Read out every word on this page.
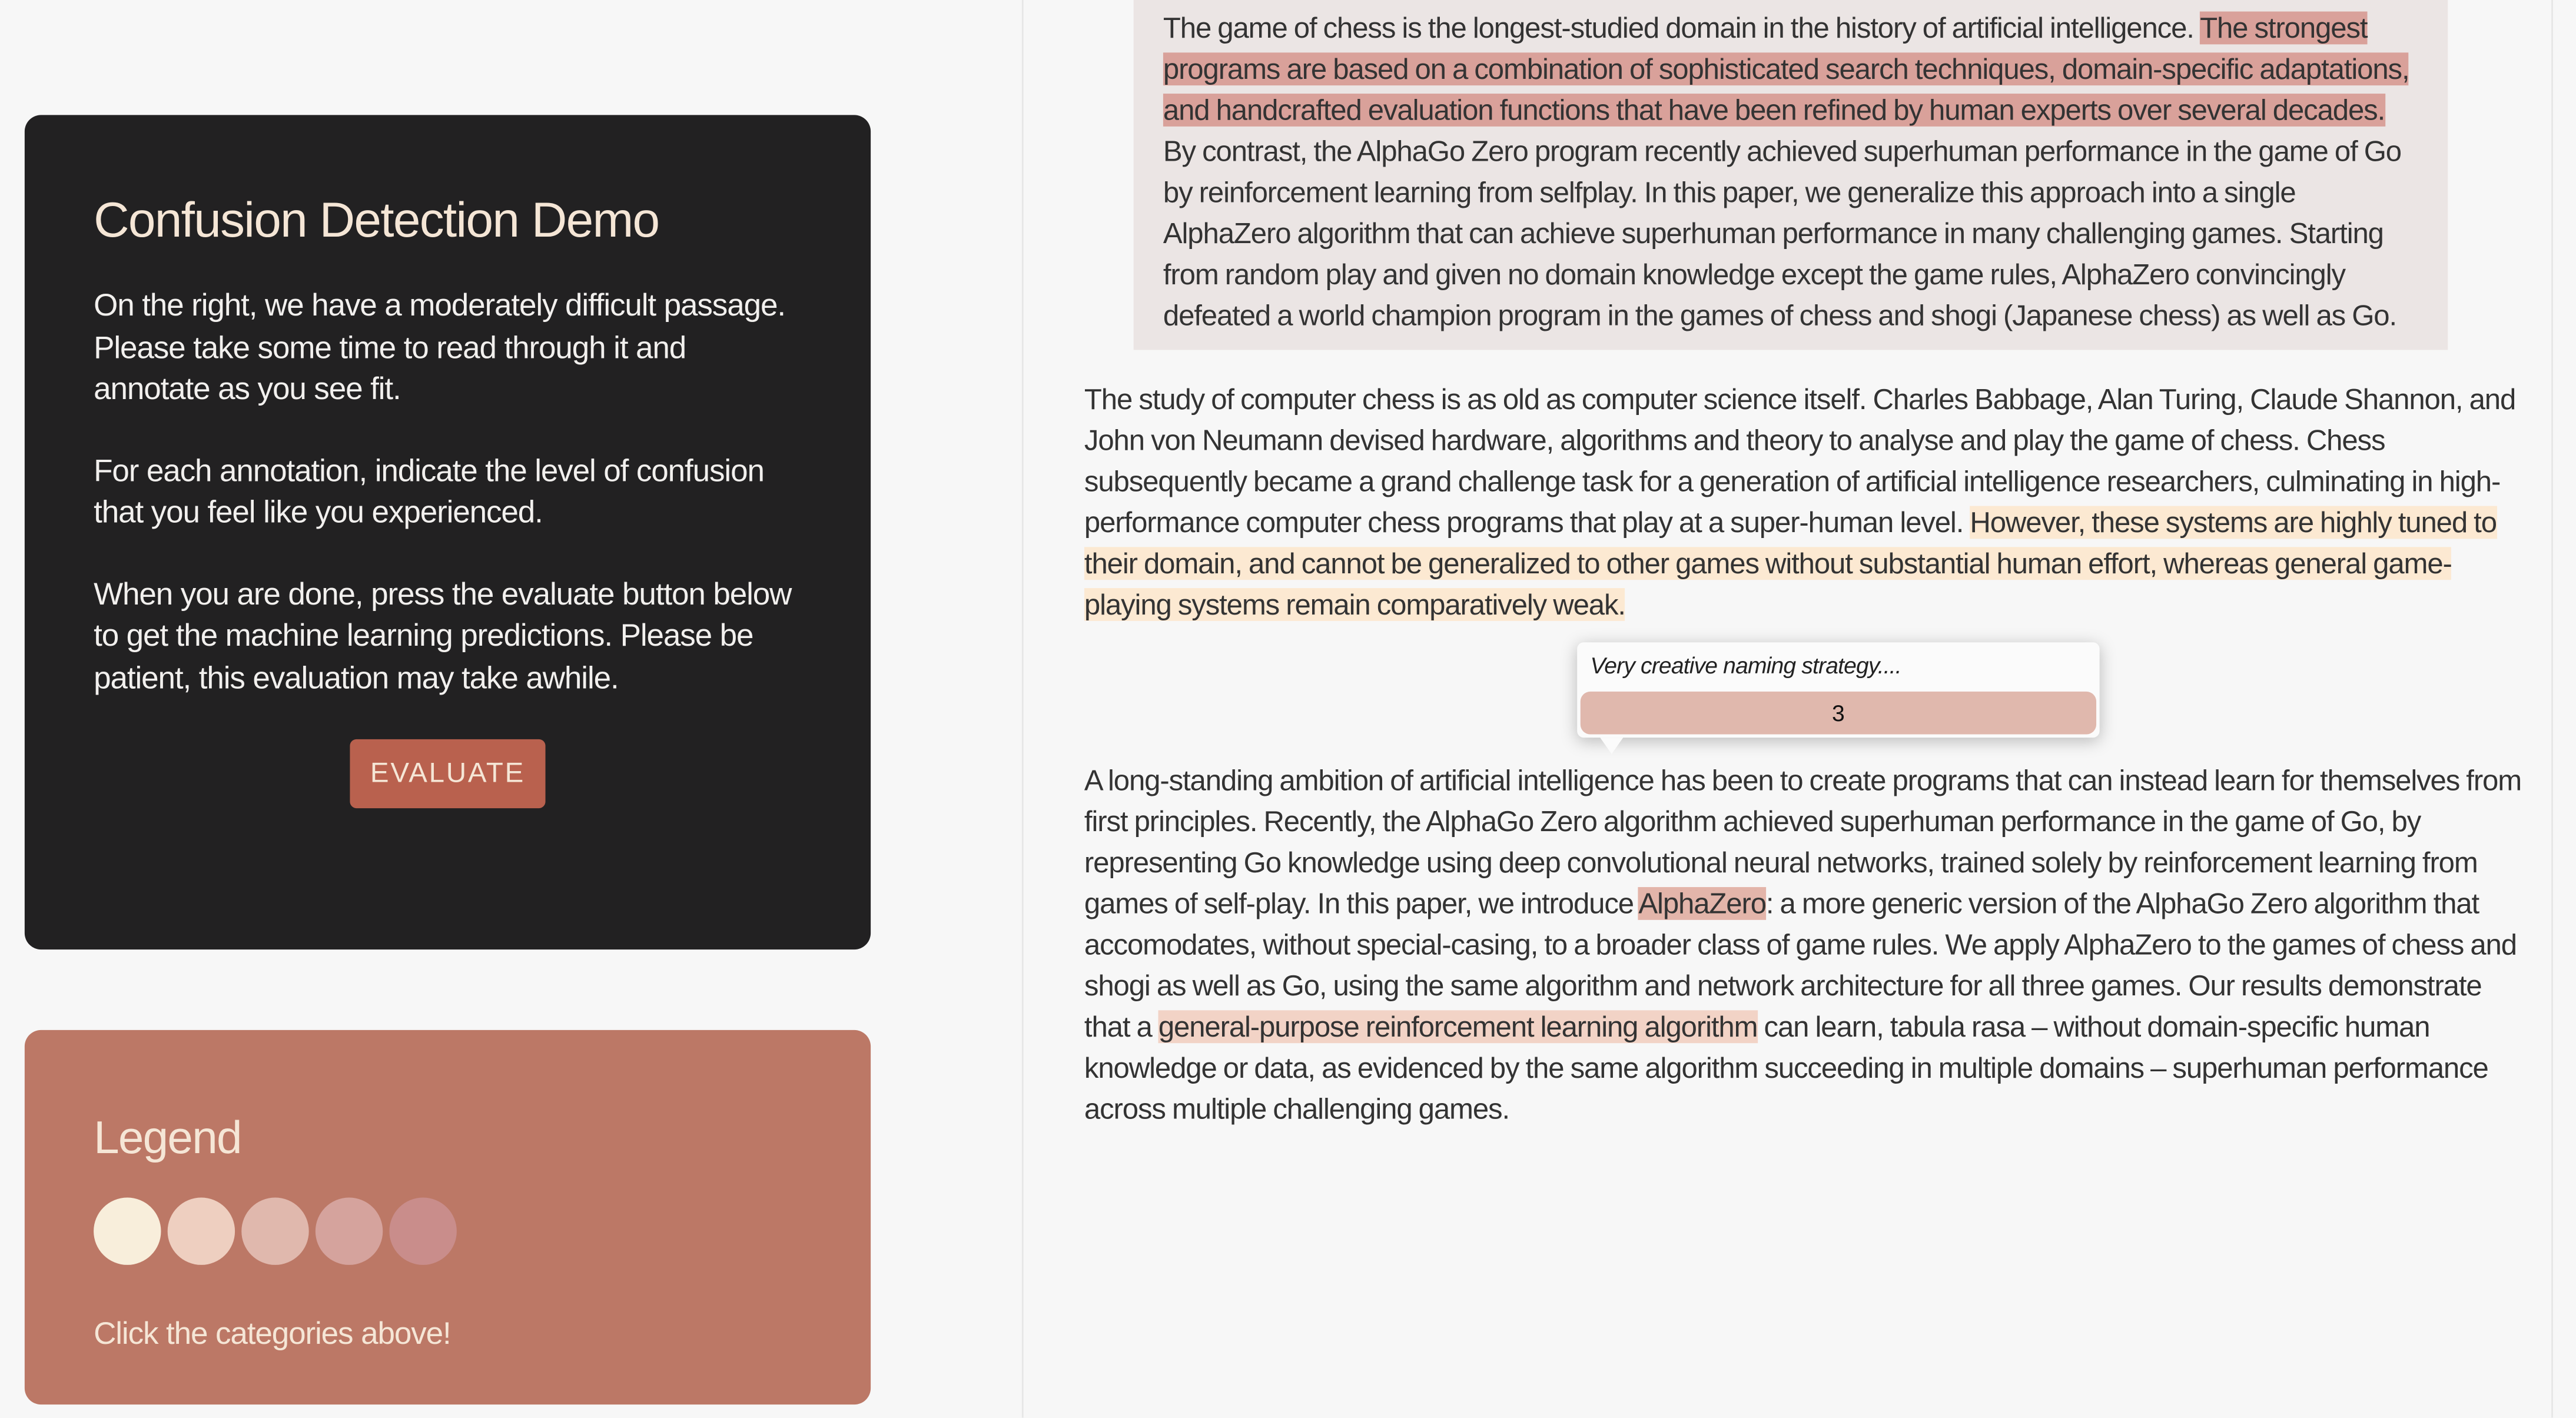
Confusion Detection Demo

On the right, we have a moderately difficult passage. Please take some time to read through it and annotate as you see fit.

For each annotation, indicate the level of confusion that you feel like you experienced.

When you are done, press the evaluate button below to get the machine learning predictions. Please be patient, this evaluation may take awhile.

EVALUATE
Legend
Click the categories above!
The game of chess is the longest-studied domain in the history of artificial intelligence. The strongest programs are based on a combination of sophisticated search techniques, domain-specific adaptations, and handcrafted evaluation functions that have been refined by human experts over several decades. By contrast, the AlphaGo Zero program recently achieved superhuman performance in the game of Go by reinforcement learning from selfplay. In this paper, we generalize this approach into a single AlphaZero algorithm that can achieve superhuman performance in many challenging games. Starting from random play and given no domain knowledge except the game rules, AlphaZero convincingly defeated a world champion program in the games of chess and shogi (Japanese chess) as well as Go.
The study of computer chess is as old as computer science itself. Charles Babbage, Alan Turing, Claude Shannon, and John von Neumann devised hardware, algorithms and theory to analyse and play the game of chess. Chess subsequently became a grand challenge task for a generation of artificial intelligence researchers, culminating in high-performance computer chess programs that play at a super-human level. However, these systems are highly tuned to their domain, and cannot be generalized to other games without substantial human effort, whereas general game-playing systems remain comparatively weak.
Very creative naming strategy....
3
A long-standing ambition of artificial intelligence has been to create programs that can instead learn for themselves from first principles. Recently, the AlphaGo Zero algorithm achieved superhuman performance in the game of Go, by representing Go knowledge using deep convolutional neural networks, trained solely by reinforcement learning from games of self-play. In this paper, we introduce AlphaZero: a more generic version of the AlphaGo Zero algorithm that accomodates, without special-casing, to a broader class of game rules. We apply AlphaZero to the games of chess and shogi as well as Go, using the same algorithm and network architecture for all three games. Our results demonstrate that a general-purpose reinforcement learning algorithm can learn, tabula rasa – without domain-specific human knowledge or data, as evidenced by the same algorithm succeeding in multiple domains – superhuman performance across multiple challenging games.
